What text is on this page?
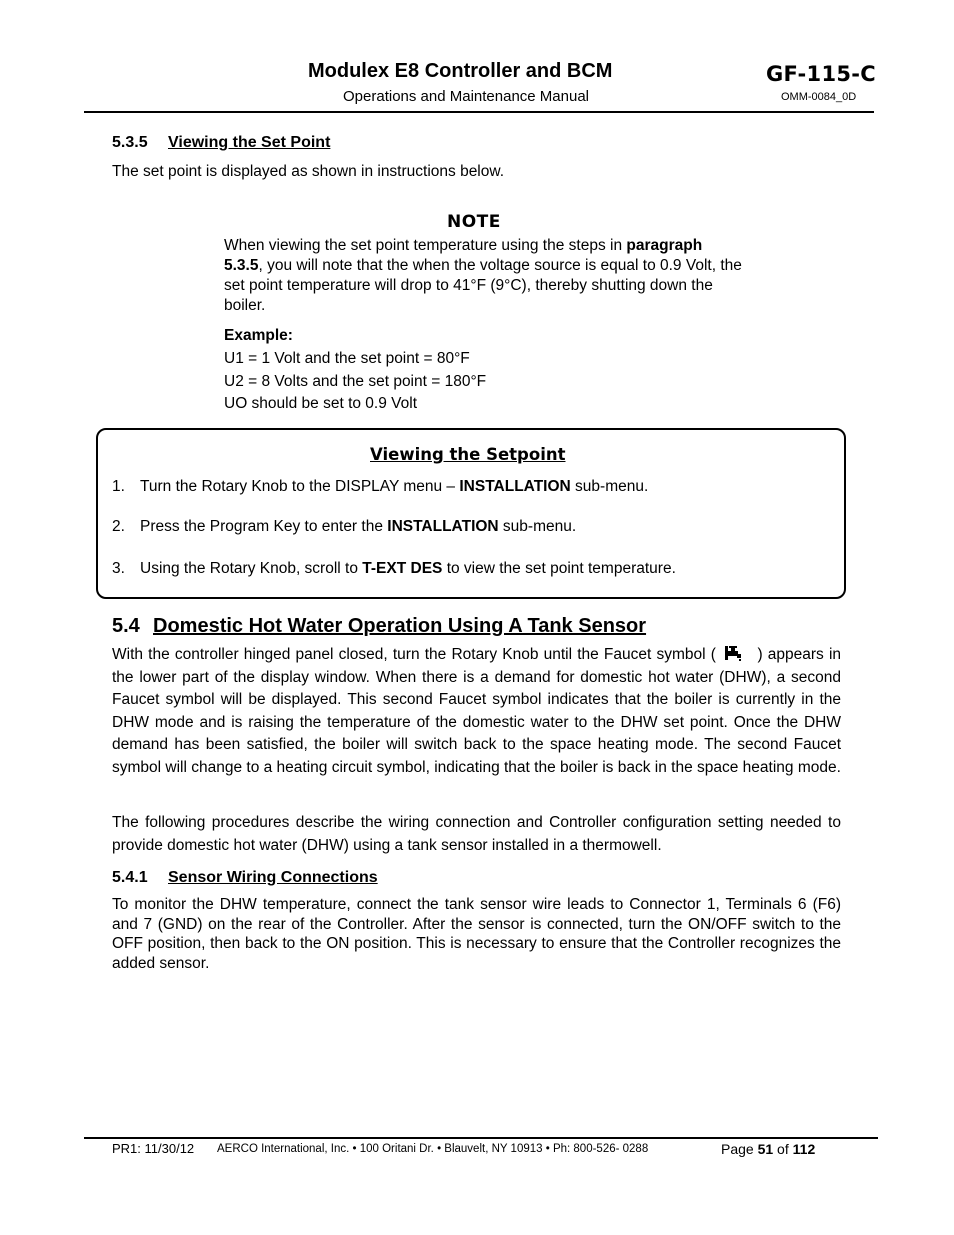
Modulex E8 Controller and BCM
Operations and Maintenance Manual
GF-115-C
OMM-0084_0D
5.3.5 Viewing the Set Point
The set point is displayed as shown in instructions below.
NOTE
When viewing the set point temperature using the steps in paragraph 5.3.5, you will note that the when the voltage source is equal to 0.9 Volt, the set point temperature will drop to 41°F (9°C), thereby shutting down the boiler.
Example:
U1 = 1 Volt and the set point = 80°F
U2 = 8 Volts and the set point = 180°F
UO should be set to 0.9 Volt
Viewing the Setpoint
1. Turn the Rotary Knob to the DISPLAY menu – INSTALLATION sub-menu.
2. Press the Program Key to enter the INSTALLATION sub-menu.
3. Using the Rotary Knob, scroll to T-EXT DES to view the set point temperature.
5.4 Domestic Hot Water Operation Using A Tank Sensor
With the controller hinged panel closed, turn the Rotary Knob until the Faucet symbol (	) appears in the lower part of the display window. When there is a demand for domestic hot water (DHW), a second Faucet symbol will be displayed. This second Faucet symbol indicates that the boiler is currently in the DHW mode and is raising the temperature of the domestic water to the DHW set point. Once the DHW demand has been satisfied, the boiler will switch back to the space heating mode. The second Faucet symbol will change to a heating circuit symbol, indicating that the boiler is back in the space heating mode.
The following procedures describe the wiring connection and Controller configuration setting needed to provide domestic hot water (DHW) using a tank sensor installed in a thermowell.
5.4.1 Sensor Wiring Connections
To monitor the DHW temperature, connect the tank sensor wire leads to Connector 1, Terminals 6 (F6) and 7 (GND) on the rear of the Controller. After the sensor is connected, turn the ON/OFF switch to the OFF position, then back to the ON position. This is necessary to ensure that the Controller recognizes the added sensor.
PR1: 11/30/12 AERCO International, Inc. • 100 Oritani Dr. • Blauvelt, NY 10913 • Ph: 800-526- 0288	Page 51 of 112
